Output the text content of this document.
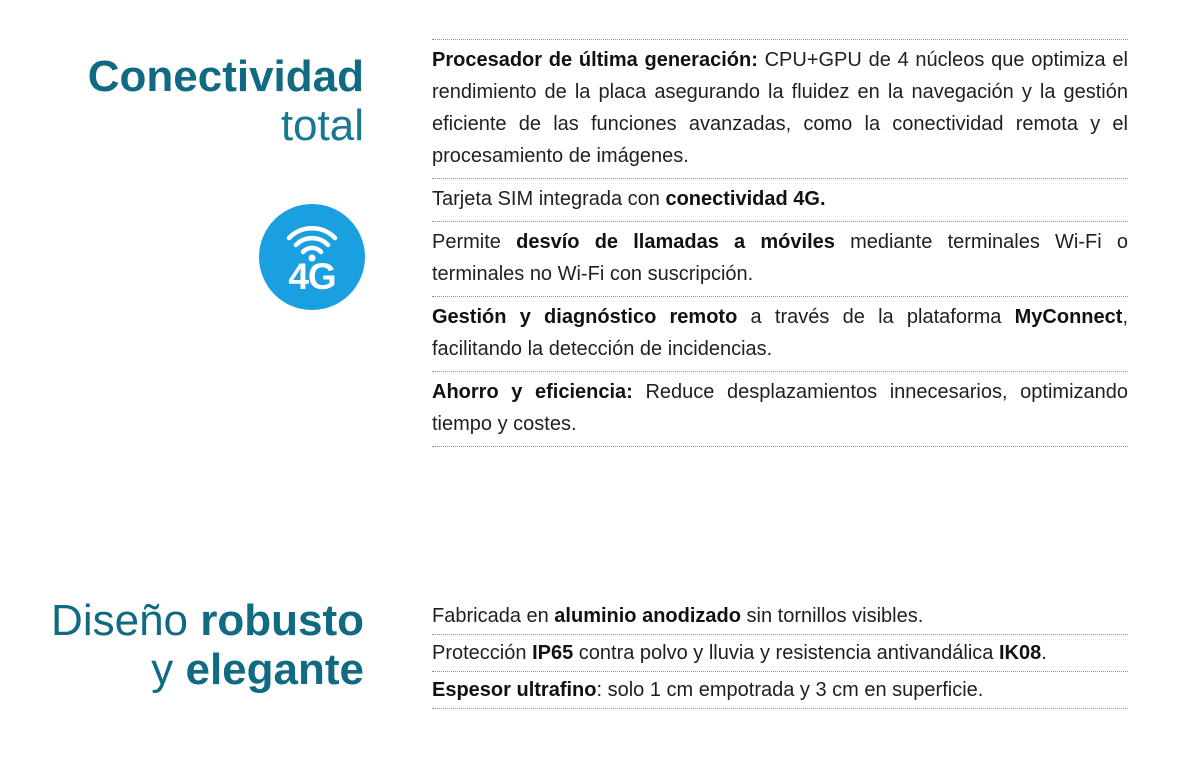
Conectividad
total
4G
Procesador de última generación: CPU+GPU de 4 núcleos que optimiza el rendimiento de la placa asegurando la fluidez en la navegación y la gestión eficiente de las funciones avanzadas, como la conectividad remota y el procesamiento de imágenes.
Tarjeta SIM integrada con conectividad 4G.
Permite desvío de llamadas a móviles mediante terminales Wi-Fi o terminales no Wi-Fi con suscripción.
Gestión y diagnóstico remoto a través de la plataforma MyConnect, facilitando la detección de incidencias.
Ahorro y eficiencia: Reduce desplazamientos innecesarios, optimizando tiempo y costes.
Diseño robusto
y elegante
Fabricada en aluminio anodizado sin tornillos visibles.
Protección IP65 contra polvo y lluvia y resistencia antivandálica IK08.
Espesor ultrafino: solo 1 cm empotrada y 3 cm en superficie.
